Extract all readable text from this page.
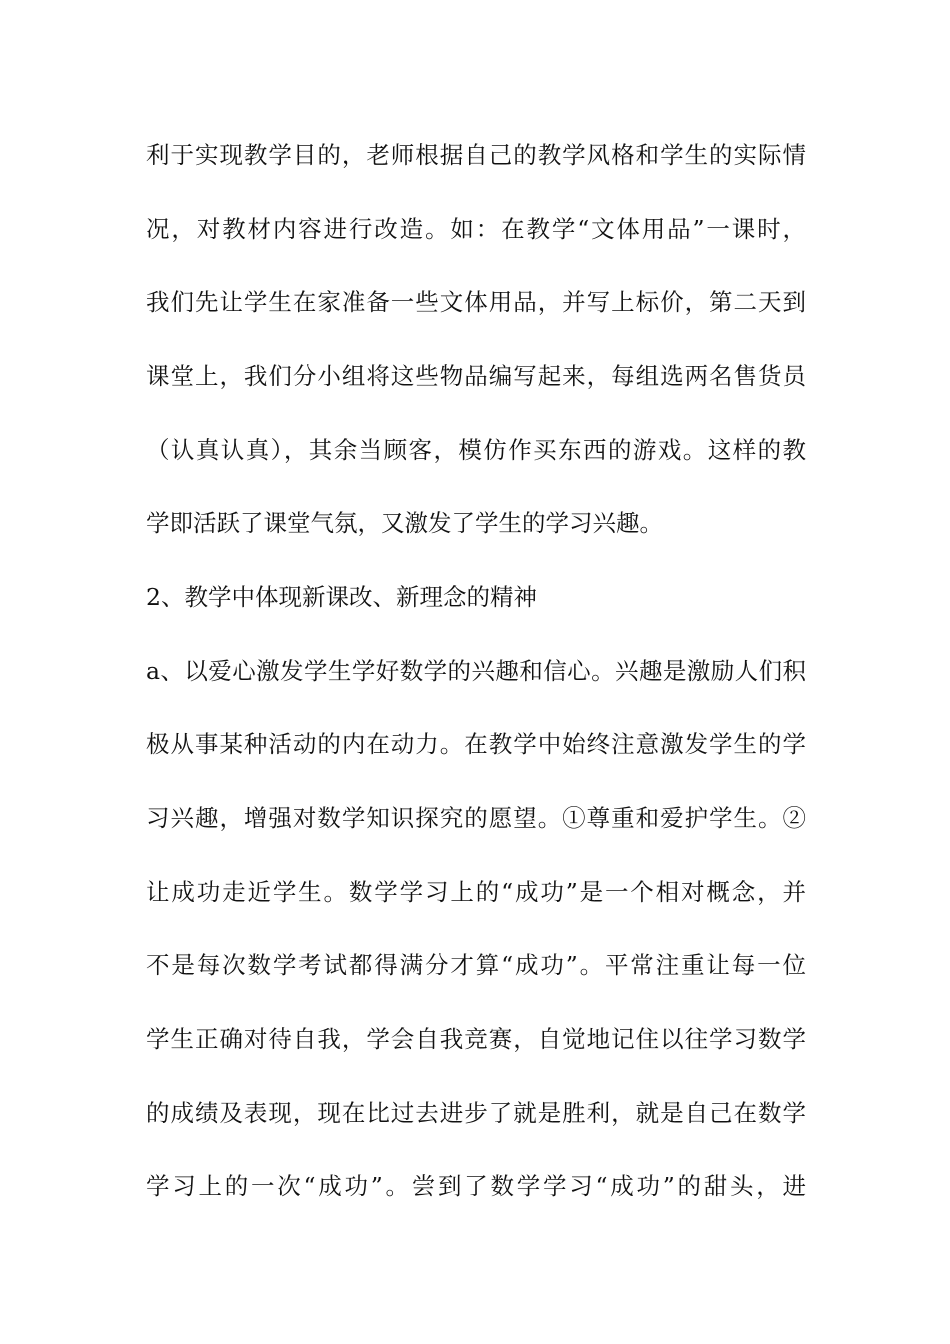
利于实现教学目的，老师根据自己的教学风格和学生的实际情
况，对教材内容进行改造。如：在教学“文体用品”一课时，
我们先让学生在家准备一些文体用品，并写上标价，第二天到
课堂上，我们分小组将这些物品编写起来，每组选两名售货员
（认真认真），其余当顾客，模仿作买东西的游戏。这样的教
学即活跃了课堂气氛，又激发了学生的学习兴趣。
2、教学中体现新课改、新理念的精神
a、以爱心激发学生学好数学的兴趣和信心。兴趣是激励人们积
极从事某种活动的内在动力。在教学中始终注意激发学生的学
习兴趣，增强对数学知识探究的愿望。①尊重和爱护学生。②
让成功走近学生。数学学习上的“成功”是一个相对概念，并
不是每次数学考试都得满分才算“成功”。平常注重让每一位
学生正确对待自我，学会自我竞赛，自觉地记住以往学习数学
的成绩及表现，现在比过去进步了就是胜利，就是自己在数学
学习上的一次“成功”。尝到了数学学习“成功”的甜头，进
